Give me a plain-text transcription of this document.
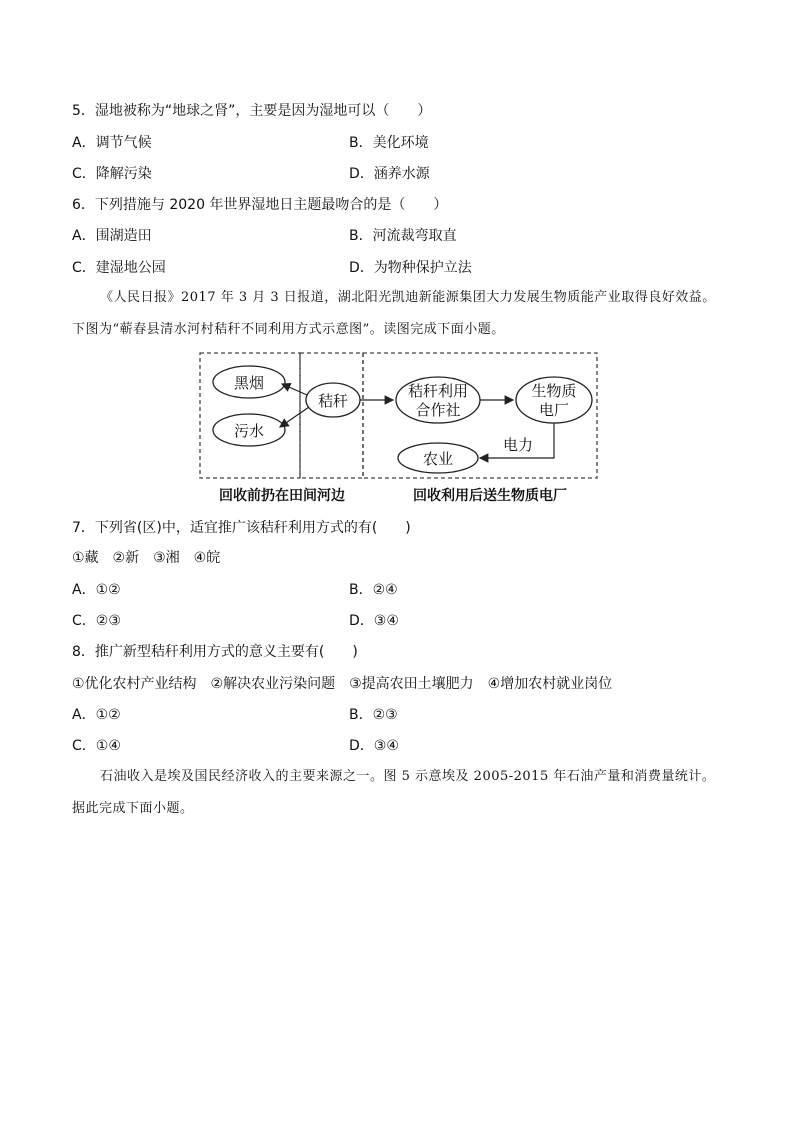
5．湿地被称为“地球之肾”，主要是因为湿地可以（　　）
A．调节气候	B．美化环境
C．降解污染	D．涵养水源
6．下列措施与 2020 年世界湿地日主题最吻合的是（　　）
A．围湖造田	B．河流裁弯取直
C．建湿地公园	D．为物种保护立法
《人民日报》2017 年 3 月 3 日报道，湖北阳光凯迪新能源集团大力发展生物质能产业取得良好效益。
下图为“蕲春县清水河村秸秆不同利用方式示意图”。读图完成下面小题。
黑烟
污水
秸秆
秸秆利用
合作社
生物质
电厂
农业
电力
回收前扔在田间河边	回收利用后送生物质电厂
7．下列省(区)中，适宜推广该秸秆利用方式的有(　　)
①藏　②新　③湘　④皖
A．①②	B．②④
C．②③	D．③④
8．推广新型秸秆利用方式的意义主要有(　　)
①优化农村产业结构　②解决农业污染问题　③提高农田土壤肥力　④增加农村就业岗位
A．①②	B．②③
C．①④	D．③④
石油收入是埃及国民经济收入的主要来源之一。图 5 示意埃及 2005-2015 年石油产量和消费量统计。
据此完成下面小题。
